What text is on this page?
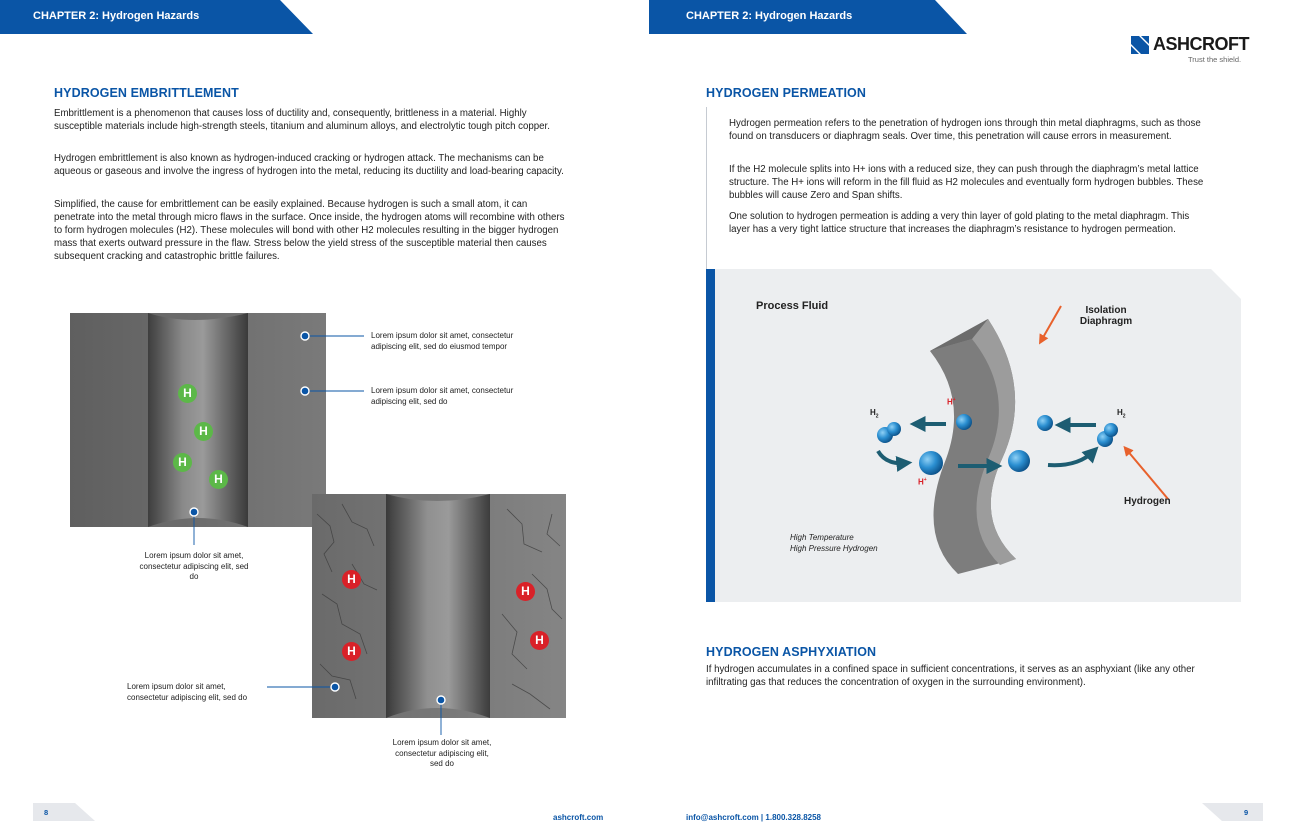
CHAPTER 2: Hydrogen Hazards
HYDROGEN EMBRITTLEMENT

Embrittlement is a phenomenon that causes loss of ductility and, consequently, brittleness in a material. Highly susceptible materials include high-strength steels, titanium and aluminum alloys, and electrolytic tough pitch copper.

Hydrogen embrittlement is also known as hydrogen-induced cracking or hydrogen attack. The mechanisms can be aqueous or gaseous and involve the ingress of hydrogen into the metal, reducing its ductility and load-bearing capacity.

Simplified, the cause for embrittlement can be easily explained. Because hydrogen is such a small atom, it can penetrate into the metal through micro flaws in the surface. Once inside, the hydrogen atoms will recombine with others to form hydrogen molecules (H2). These molecules will bond with other H2 molecules resulting in the bigger hydrogen mass that exerts outward pressure in the flaw. Stress below the yield stress of the susceptible material then causes subsequent cracking and catastrophic brittle failures.

H
H
H
H
H
H
H
H
Lorem ipsum dolor sit amet, consectetur adipiscing elit, sed do eiusmod tempor
Lorem ipsum dolor sit amet, consectetur adipiscing elit, sed do
Lorem ipsum dolor sit amet, consectetur adipiscing elit, sed do
Lorem ipsum dolor sit amet, consectetur adipiscing elit, sed do
Lorem ipsum dolor sit amet, consectetur adipiscing elit, sed do
8
ashcroft.com
CHAPTER 2: Hydrogen Hazards
ASHCROFT
Trust the shield.
HYDROGEN PERMEATION

Hydrogen permeation refers to the penetration of hydrogen ions through thin metal diaphragms, such as those found on transducers or diaphragm seals. Over time, this penetration will cause errors in measurement.

If the H2 molecule splits into H+ ions with a reduced size, they can push through the diaphragm’s metal lattice structure. The H+ ions will reform in the fill fluid as H2 molecules and eventually form hydrogen bubbles. These bubbles will cause Zero and Span shifts.

One solution to hydrogen permeation is adding a very thin layer of gold plating to the metal diaphragm. This layer has a very tight lattice structure that increases the diaphragm’s resistance to hydrogen permeation.

Process Fluid	Isolation
Diaphragm
$H_2$	$H_2$
H+
H+
Hydrogen
High Temperature
High Pressure Hydrogen
HYDROGEN ASPHYXIATION

If hydrogen accumulates in a confined space in sufficient concentrations, it serves as an asphyxiant (like any other infiltrating gas that reduces the concentration of oxygen in the surrounding environment).

info@ashcroft.com | 1.800.328.8258
9
